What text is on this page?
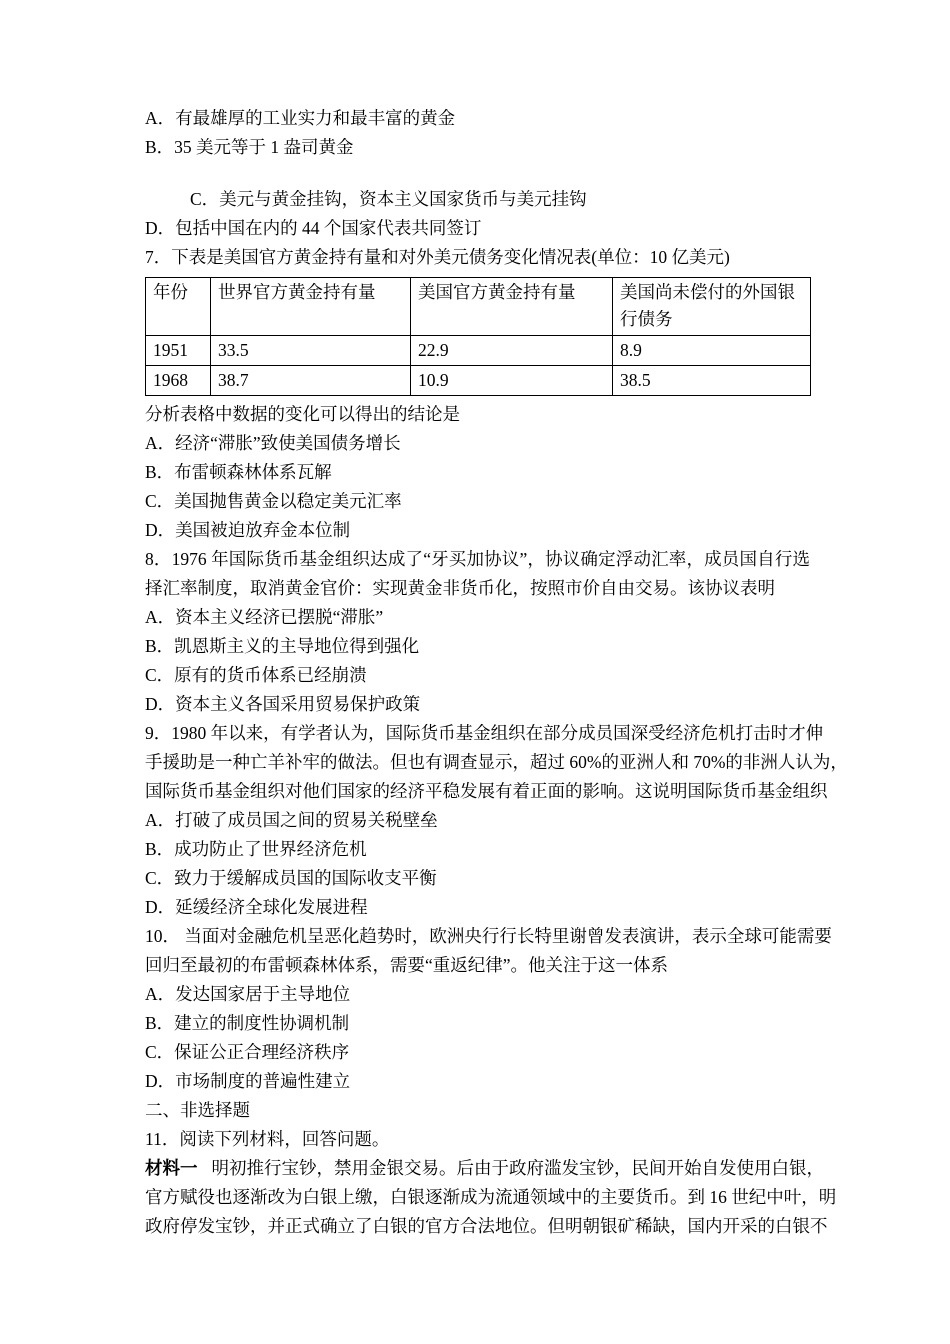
A．有最雄厚的工业实力和最丰富的黄金
B．35 美元等于 1 盎司黄金
C．美元与黄金挂钩，资本主义国家货币与美元挂钩
D．包括中国在内的 44 个国家代表共同签订
7．下表是美国官方黄金持有量和对外美元债务变化情况表(单位：10 亿美元)
年份	世界官方黄金持有量	美国官方黄金持有量	美国尚未偿付的外国银行债务
1951	33.5	22.9	8.9
1968	38.7	10.9	38.5
分析表格中数据的变化可以得出的结论是
A．经济“滞胀”致使美国债务增长
B．布雷顿森林体系瓦解
C．美国抛售黄金以稳定美元汇率
D．美国被迫放弃金本位制
8．1976 年国际货币基金组织达成了“牙买加协议”，协议确定浮动汇率，成员国自行选
择汇率制度，取消黄金官价：实现黄金非货币化，按照市价自由交易。该协议表明
A．资本主义经济已摆脱“滞胀”
B．凯恩斯主义的主导地位得到强化
C．原有的货币体系已经崩溃
D．资本主义各国采用贸易保护政策
9．1980 年以来，有学者认为，国际货币基金组织在部分成员国深受经济危机打击时才伸
手援助是一种亡羊补牢的做法。但也有调查显示，超过 60%的亚洲人和 70%的非洲人认为，
国际货币基金组织对他们国家的经济平稳发展有着正面的影响。这说明国际货币基金组织
A．打破了成员国之间的贸易关税壁垒
B．成功防止了世界经济危机
C．致力于缓解成员国的国际收支平衡
D．延缓经济全球化发展进程
10． 当面对金融危机呈恶化趋势时，欧洲央行行长特里谢曾发表演讲，表示全球可能需要
回归至最初的布雷顿森林体系，需要“重返纪律”。他关注于这一体系
A．发达国家居于主导地位
B．建立的制度性协调机制
C．保证公正合理经济秩序
D．市场制度的普遍性建立
二、非选择题
11．阅读下列材料，回答问题。
材料一 明初推行宝钞，禁用金银交易。后由于政府滥发宝钞，民间开始自发使用白银，
官方赋役也逐渐改为白银上缴，白银逐渐成为流通领域中的主要货币。到 16 世纪中叶，明
政府停发宝钞，并正式确立了白银的官方合法地位。但明朝银矿稀缺，国内开采的白银不
